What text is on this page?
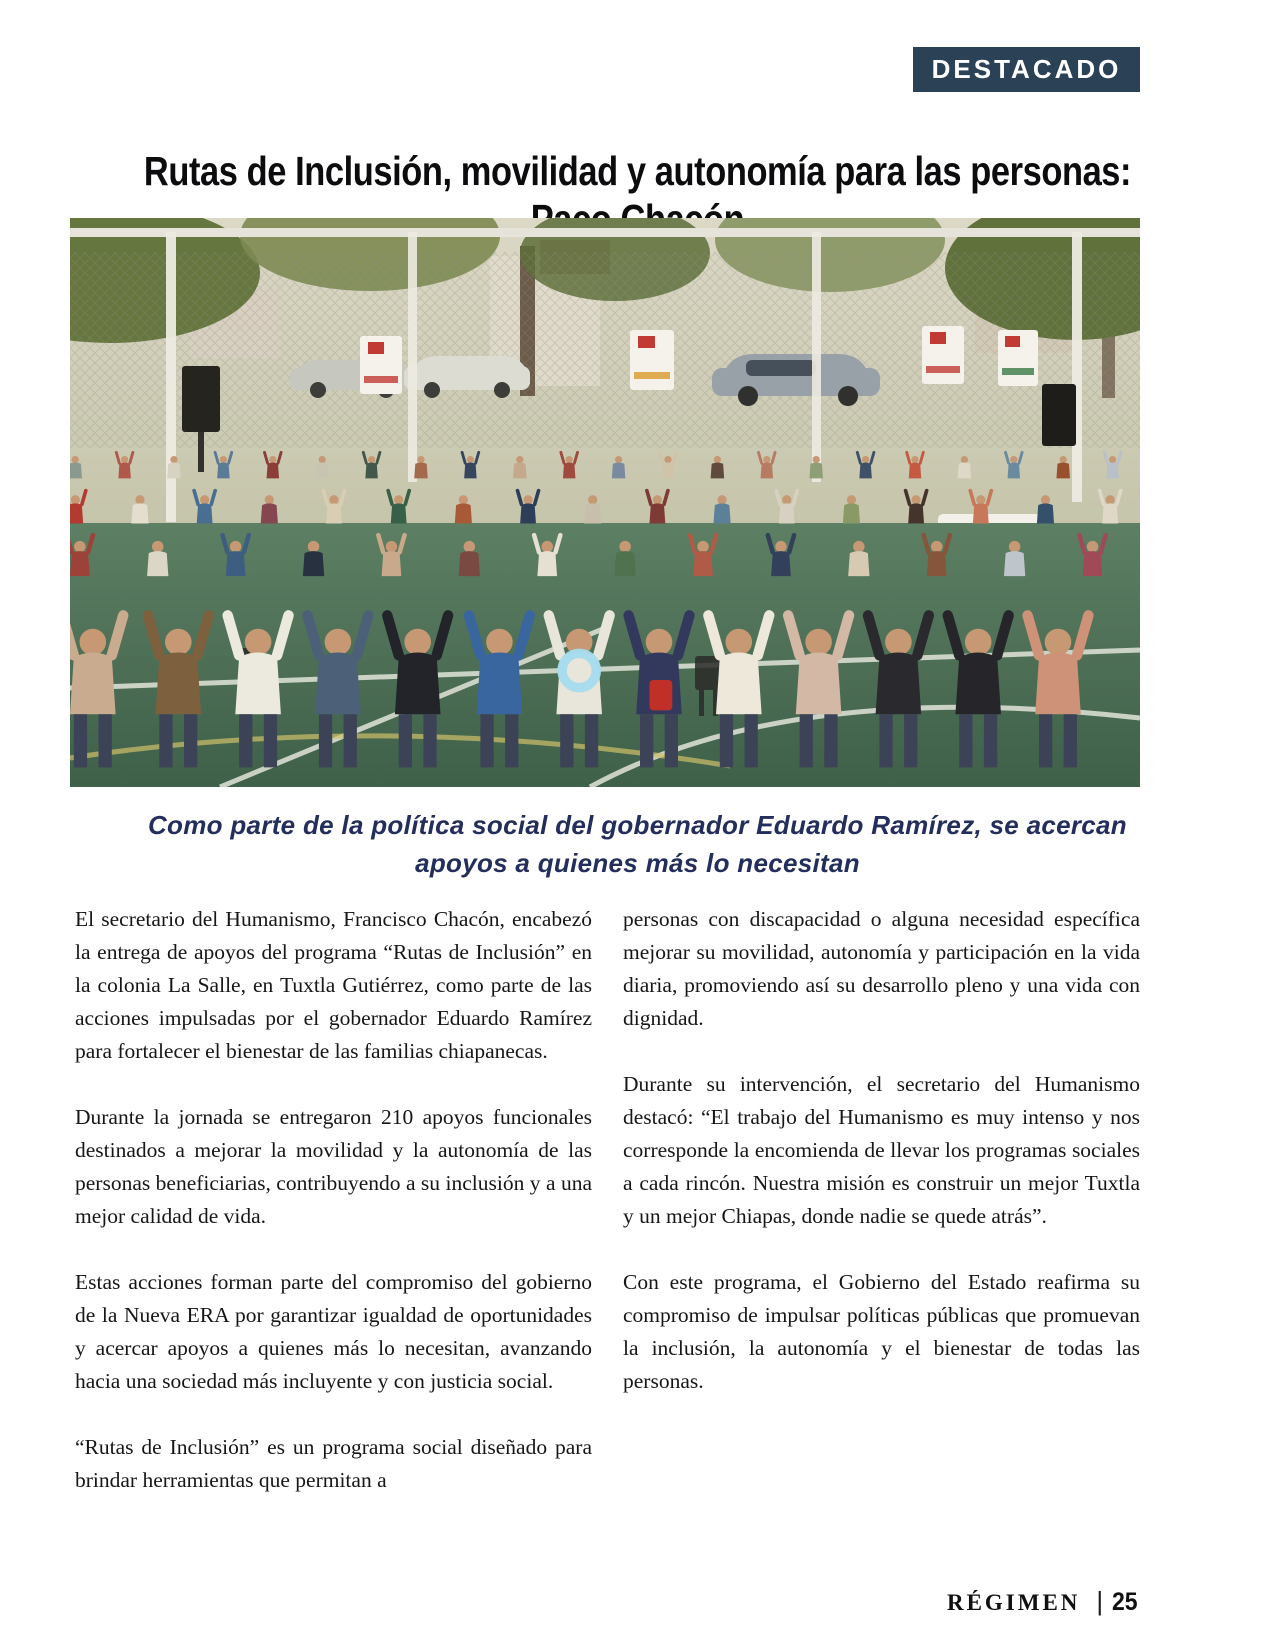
DESTACADO
Rutas de Inclusión, movilidad y autonomía para las personas:
Como parte de la política social del gobernador Eduardo Ramírez, se acercan
apoyos a quienes más lo necesitan

El secretario del Humanismo, Francisco Chacón, encabezó la entrega de apoyos del programa “Rutas de Inclusión” en la colonia La Salle, en Tuxtla Gutiérrez, como parte de las acciones impulsadas por el gobernador Eduardo Ramírez para fortalecer el bienestar de las familias chiapanecas.

Durante la jornada se entregaron 210 apoyos funcionales destinados a mejorar la movilidad y la autonomía de las personas beneficiarias, contribuyendo a su inclusión y a una mejor calidad de vida.

Estas acciones forman parte del compromiso del gobierno de la Nueva ERA por garantizar igualdad de oportunidades y acercar apoyos a quienes más lo necesitan, avanzando hacia una sociedad más incluyente y con justicia social.

“Rutas de Inclusión” es un programa social diseñado para brindar herramientas que permitan a

personas con discapacidad o alguna necesidad específica mejorar su movilidad, autonomía y participación en la vida diaria, promoviendo así su desarrollo pleno y una vida con dignidad.

Durante su intervención, el secretario del Humanismo destacó: “El trabajo del Humanismo es muy intenso y nos corresponde la encomienda de llevar los programas sociales a cada rincón. Nuestra misión es construir un mejor Tuxtla y un mejor Chiapas, donde nadie se quede atrás”.

Con este programa, el Gobierno del Estado reafirma su compromiso de impulsar políticas públicas que promuevan la inclusión, la autonomía y el bienestar de todas las personas.

RÉGIMEN | 25
